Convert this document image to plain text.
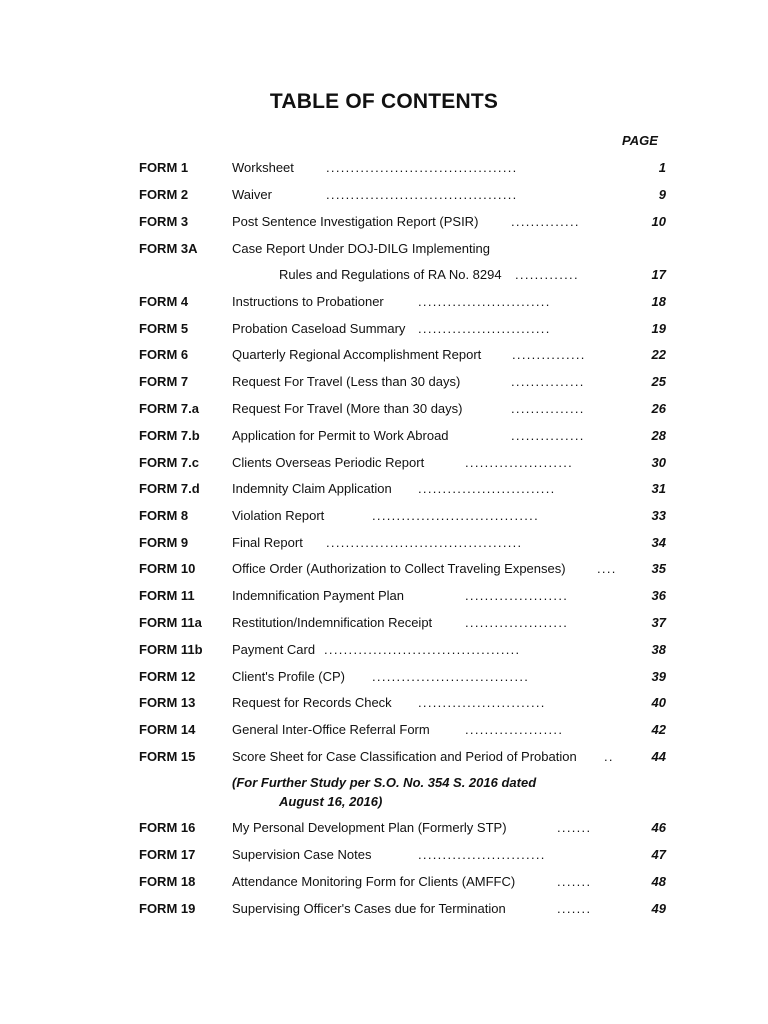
TABLE OF CONTENTS
PAGE
FORM 1	Worksheet .......................................	1
FORM 2	Waiver	.......................................	9
FORM 3	Post Sentence Investigation Report (PSIR)	..............	10
FORM 3A	Case Report Under DOJ-DILG Implementing
Rules and Regulations of RA No. 8294 .............	17
FORM 4	Instructions to Probationer	...........................	18
FORM 5	Probation Caseload Summary ...........................	19
FORM 6	Quarterly Regional Accomplishment Report ...............	22
FORM 7	Request For Travel (Less than 30 days)	...............	25
FORM 7.a	Request For Travel (More than 30 days)	...............	26
FORM 7.b Application for Permit to Work Abroad	...............	28
FORM 7.c	Clients Overseas Periodic Report	......................	30
FORM 7.d Indemnity Claim Application ............................	31
FORM 8	Violation Report	..................................	33
FORM 9	Final Report ........................................	34
FORM 10	Office Order (Authorization to Collect Traveling Expenses) ....	35
FORM 11	Indemnification Payment Plan	.....................	36
FORM 11a Restitution/Indemnification Receipt	.....................	37
FORM 11b Payment Card ........................................	38
FORM 12	Client's Profile (CP) ................................	39
FORM 13	Request for Records Check ..........................	40
FORM 14	General Inter-Office Referral Form	....................	42
FORM 15	Score Sheet for Case Classification and Period of Probation ..	44
FORM 16	My Personal Development Plan (Formerly STP)	.......	46
FORM 17	Supervision Case Notes	..........................	47
FORM 18	Attendance Monitoring Form for Clients (AMFFC)	.......	48
FORM 19	Supervising Officer's Cases due for Termination	.......	49
(For Further Study per S.O. No. 354 S. 2016 dated
August 16, 2016)
